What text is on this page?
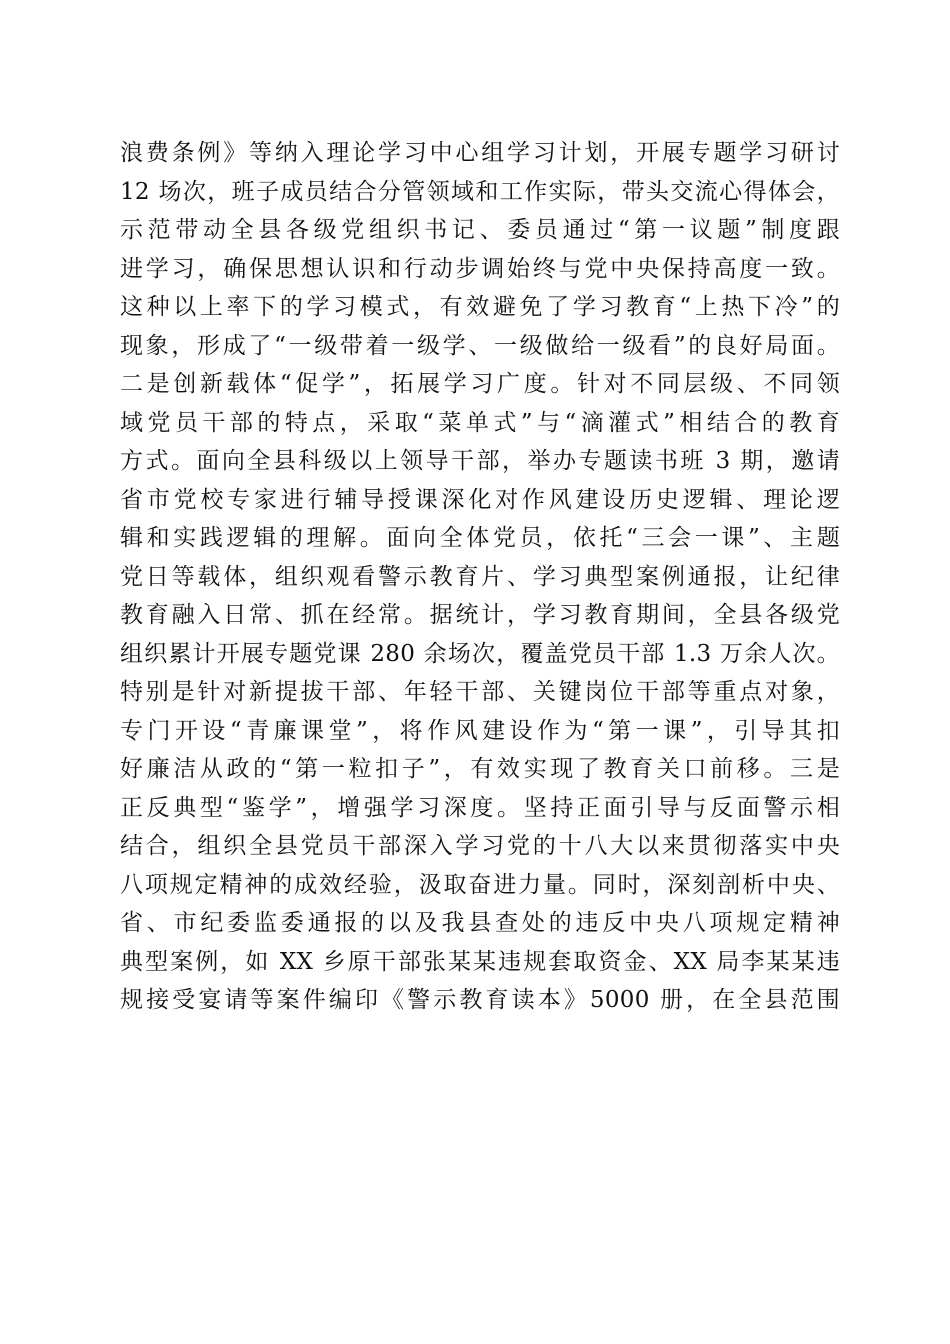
浪费条例》等纳入理论学习中心组学习计划，开展专题学习研讨
12 场次，班子成员结合分管领域和工作实际，带头交流心得体会，
示范带动全县各级党组织书记、委员通过“第一议题”制度跟
进学习，确保思想认识和行动步调始终与党中央保持高度一致。
这种以上率下的学习模式，有效避免了学习教育“上热下冷”的
现象，形成了“一级带着一级学、一级做给一级看”的良好局面。
二是创新载体“促学”，拓展学习广度。针对不同层级、不同领
域党员干部的特点，采取“菜单式”与“滴灌式”相结合的教育
方式。面向全县科级以上领导干部，举办专题读书班 3 期，邀请
省市党校专家进行辅导授课深化对作风建设历史逻辑、理论逻
辑和实践逻辑的理解。面向全体党员，依托“三会一课”、主题
党日等载体，组织观看警示教育片、学习典型案例通报，让纪律
教育融入日常、抓在经常。据统计，学习教育期间，全县各级党
组织累计开展专题党课 280 余场次，覆盖党员干部 1.3 万余人次。
特别是针对新提拔干部、年轻干部、关键岗位干部等重点对象，
专门开设“青廉课堂”，将作风建设作为“第一课”，引导其扣
好廉洁从政的“第一粒扣子”，有效实现了教育关口前移。三是
正反典型“鉴学”，增强学习深度。坚持正面引导与反面警示相
结合，组织全县党员干部深入学习党的十八大以来贯彻落实中央
八项规定精神的成效经验，汲取奋进力量。同时，深刻剖析中央、
省、市纪委监委通报的以及我县查处的违反中央八项规定精神
典型案例，如 XX 乡原干部张某某违规套取资金、XX 局李某某违
规接受宴请等案件编印《警示教育读本》5000 册，在全县范围
